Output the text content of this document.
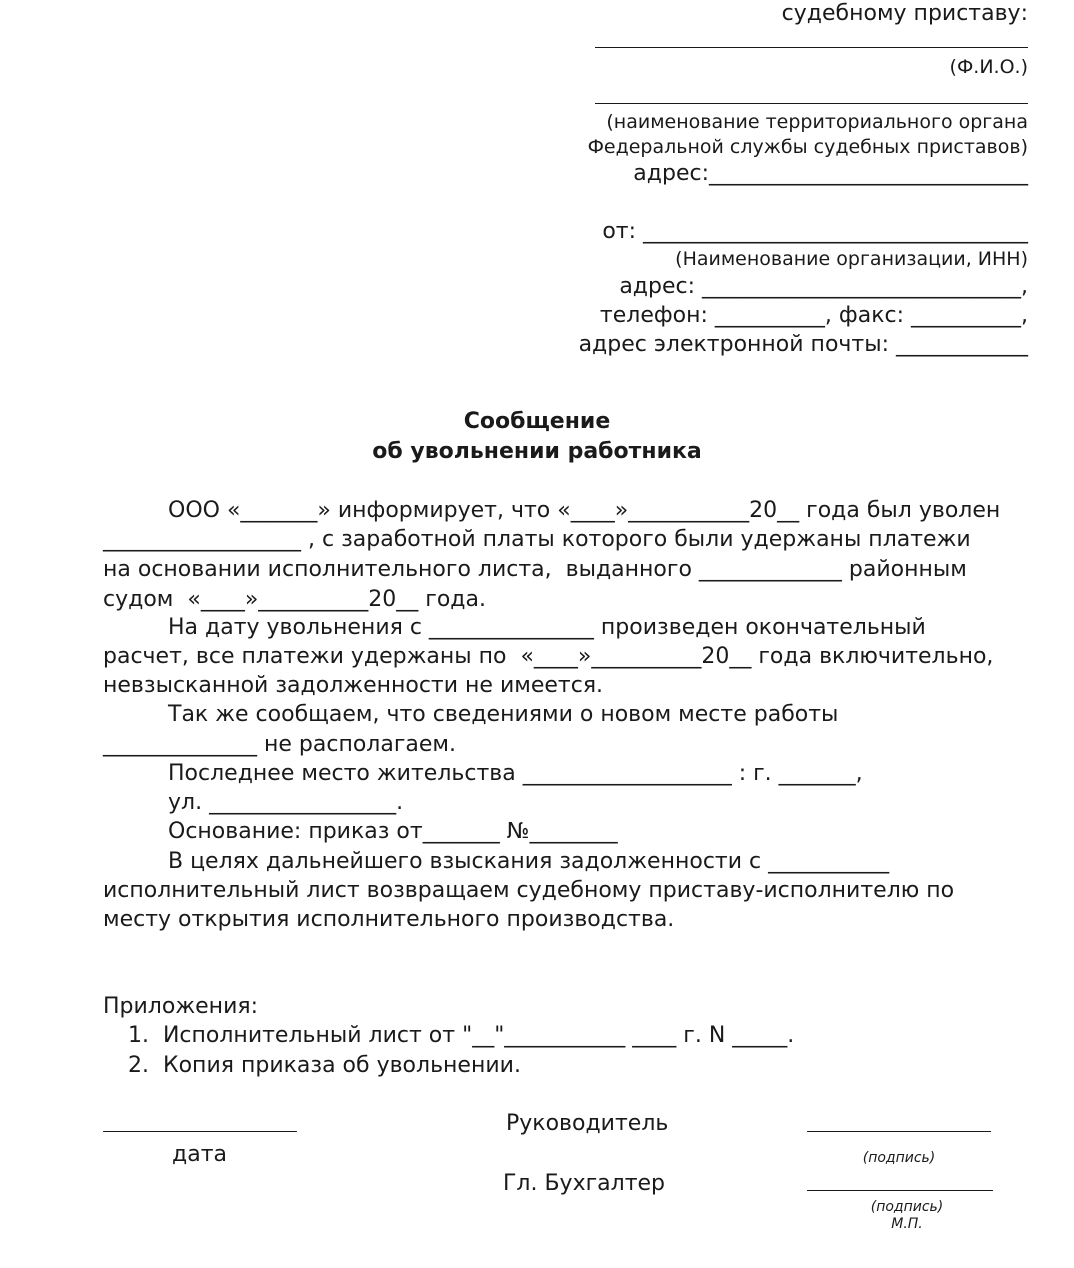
судебному приставу:
(Ф.И.О.)
(наименование территориального органа
Федеральной службы судебных приставов)
адрес:_____________________________
от: ___________________________________
(Наименование организации, ИНН)
адрес: _____________________________,
телефон: __________, факс: __________,
адрес электронной почты: ____________
Сообщение
об увольнении работника
ООО «_______» информирует, что «____»___________20__ года был уволен
__________________ , с заработной платы которого были удержаны платежи
на основании исполнительного листа,  выданного _____________ районным
судом  «____»__________20__ года.
На дату увольнения с _______________ произведен окончательный
расчет, все платежи удержаны по  «____»__________20__ года включительно,
невзысканной задолженности не имеется.
Так же сообщаем, что сведениями о новом месте работы
______________ не располагаем.
Последнее место жительства ___________________ : г. _______,
ул. _________________.
Основание: приказ от_______ №________
В целях дальнейшего взыскания задолженности с ___________
исполнительный лист возвращаем судебному приставу-исполнителю по
месту открытия исполнительного производства.
Приложения:
1.  Исполнительный лист от "__"___________ ____ г. N _____.
2.  Копия приказа об увольнении.
дата
Руководитель
(подпись)
Гл. Бухгалтер
(подпись)
М.П.
